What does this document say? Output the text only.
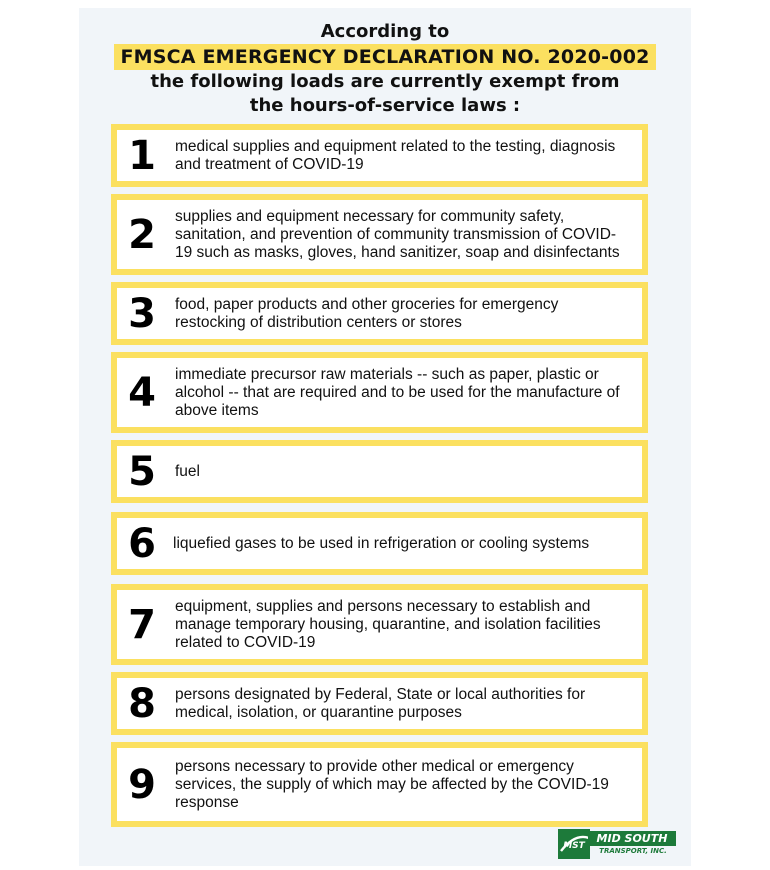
According to
FMSCA EMERGENCY DECLARATION NO. 2020-002
the following loads are currently exempt from
the hours-of-service laws :
1 medical supplies and equipment related to the testing, diagnosis and treatment of COVID-19
2 supplies and equipment necessary for community safety, sanitation, and prevention of community transmission of COVID-19 such as masks, gloves, hand sanitizer, soap and disinfectants
3 food, paper products and other groceries for emergency restocking of distribution centers or stores
4 immediate precursor raw materials -- such as paper, plastic or alcohol -- that are required and to be used for the manufacture of above items
5 fuel
6 liquefied gases to be used in refrigeration or cooling systems
7 equipment, supplies and persons necessary to establish and manage temporary housing, quarantine, and isolation facilities related to COVID-19
8 persons designated by Federal, State or local authorities for medical, isolation, or quarantine purposes
9 persons necessary to provide other medical or emergency services, the supply of which may be affected by the COVID-19 response
MST
MID SOUTH
TRANSPORT, INC.
